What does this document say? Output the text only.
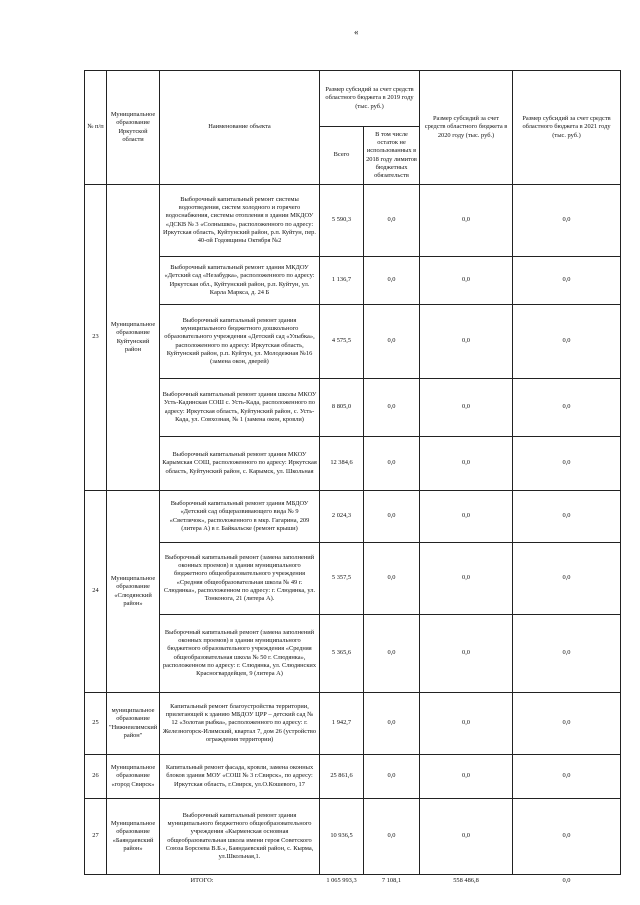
«
№ п/п	Муниципальное образование Иркутской области	Наименование объекта	Размер субсидий за счет средств областного бюджета в 2019 году (тыс. руб.)		Размер субсидий за счет средств областного бюджета в 2020 году (тыс. руб.)	Размер субсидий за счет средств областного бюджета в 2021 году (тыс. руб.)
			Всего	В том числе остаток не использованных в 2018 году лимитов бюджетных обязательств		
23	Муниципальное образование Куйтунский район	Выборочный капитальный ремонт системы водоотведения, систем холодного и горячего водоснабжения, системы отопления в здании МКДОУ «ДСКВ № 3 «Солнышко», расположенного по адресу: Иркутская область, Куйтунский район, р.п. Куйтун, пер. 40-ой Годовщины Октября №2	5 590,3	0,0	0,0	0,0
		Выборочный капитальный ремонт здания МКДОУ «Детский сад «Незабудка», расположенного по адресу: Иркутская обл., Куйтунский район, р.п. Куйтун, ул. Карла Маркса, д. 24 Б	1 136,7	0,0	0,0	0,0
		Выборочный капитальный ремонт здания муниципального бюджетного дошкольного образовательного учреждения «Детский сад «Улыбка», расположенного по адресу: Иркутская область, Куйтунский район, р.п. Куйтун, ул. Молодежная №16 (замена окон, дверей)	4 575,5	0,0	0,0	0,0
		Выборочный капитальный ремонт здания школы МКОУ Усть-Кадинская СОШ с. Усть-Када, расположенного по адресу: Иркутская область, Куйтунский район, с. Усть-Када, ул. Совхозная, № 1 (замена окон, кровли)	8 805,0	0,0	0,0	0,0
		Выборочный капитальный ремонт здания МКОУ Карымская СОШ, расположенного по адресу: Иркутская область, Куйтунский район, с. Карымск, ул. Школьная	12 384,6	0,0	0,0	0,0
24	Муниципальное образование «Слюдянский район»	Выборочный капитальный ремонт здания МБДОУ «Детский сад общеразвивающего вида № 9 «Светлячок», расположенного в мкр. Гагарина, 209 (литера А) в г. Байкальске (ремонт крыши)	2 024,3	0,0	0,0	0,0
		Выборочный капитальный ремонт (замена заполнений оконных проемов) в здании муниципального бюджетного общеобразовательного учреждения «Средняя общеобразовательная школа № 49 г. Слюдянка», расположенном по адресу: г. Слюдянка, ул. Тонконога, 21 (литера А).	5 357,5	0,0	0,0	0,0
		Выборочный капитальный ремонт (замена заполнений оконных проемов) в здании муниципального бюджетного образовательного учреждения «Средняя общеобразовательная школа № 50 г. Слюдянка», расположенном по адресу: г. Слюдянка, ул. Слюдянских Красногвардейцев, 9 (литера А)	5 365,6	0,0	0,0	0,0
25	муниципальное образование "Нижнеилимский район"	Капитальный ремонт благоустройства территории, прилегающей к зданию МБДОУ ЦРР – детский сад № 12 «Золотая рыбка», расположенного по адресу: г. Железногорск-Илимский, квартал 7, дом 26 (устройство ограждения территории)	1 942,7	0,0	0,0	0,0
26	Муниципальное образование «город Свирск»	Капитальный ремонт фасада, кровли, замена оконных блоков здания МОУ «СОШ № 3 г.Свирск», по адресу: Иркутская область, г.Свирск, ул.О.Кошевого, 17	25 861,6	0,0	0,0	0,0
27	Муниципальное образование «Баяндаевский район»	Выборочный капитальный ремонт здания муниципального бюджетного общеобразовательного учреждения «Кырменская основная общеобразовательная школа имени героя Советского Союза Борсоева В.Б.», Баяндаевский район, с. Кырма, ул.Школьная,1.	10 936,5	0,0	0,0	0,0
ИТОГО:			1 065 993,3	7 108,1	558 486,8	0,0
